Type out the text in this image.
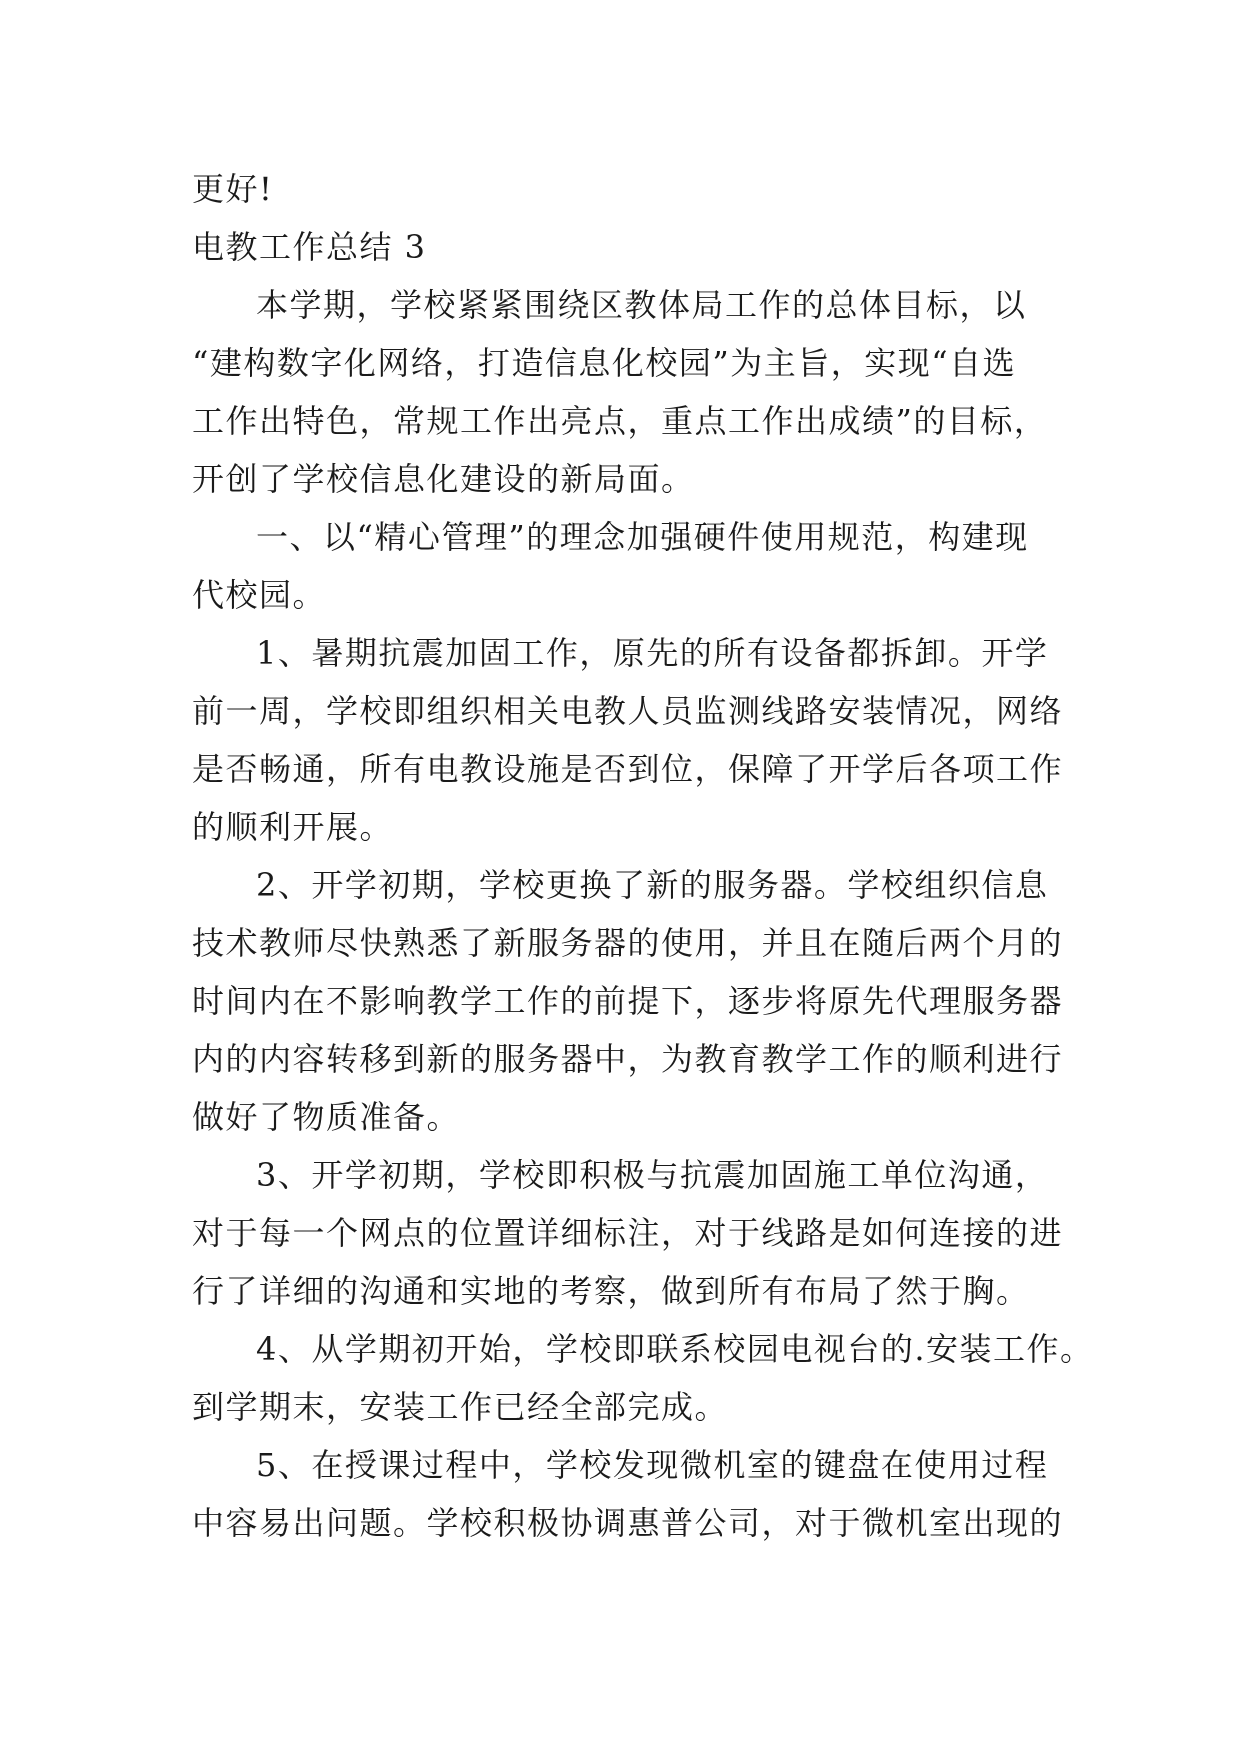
更好!
电教工作总结 3
本学期，学校紧紧围绕区教体局工作的总体目标，以
“建构数字化网络，打造信息化校园”为主旨，实现“自选
工作出特色，常规工作出亮点，重点工作出成绩”的目标，
开创了学校信息化建设的新局面。
一、以“精心管理”的理念加强硬件使用规范，构建现
代校园。
1、暑期抗震加固工作，原先的所有设备都拆卸。开学
前一周，学校即组织相关电教人员监测线路安装情况，网络
是否畅通，所有电教设施是否到位，保障了开学后各项工作
的顺利开展。
2、开学初期，学校更换了新的服务器。学校组织信息
技术教师尽快熟悉了新服务器的使用，并且在随后两个月的
时间内在不影响教学工作的前提下，逐步将原先代理服务器
内的内容转移到新的服务器中，为教育教学工作的顺利进行
做好了物质准备。
3、开学初期，学校即积极与抗震加固施工单位沟通，
对于每一个网点的位置详细标注，对于线路是如何连接的进
行了详细的沟通和实地的考察，做到所有布局了然于胸。
4、从学期初开始，学校即联系校园电视台的.安装工作。
到学期末，安装工作已经全部完成。
5、在授课过程中，学校发现微机室的键盘在使用过程
中容易出问题。学校积极协调惠普公司，对于微机室出现的
